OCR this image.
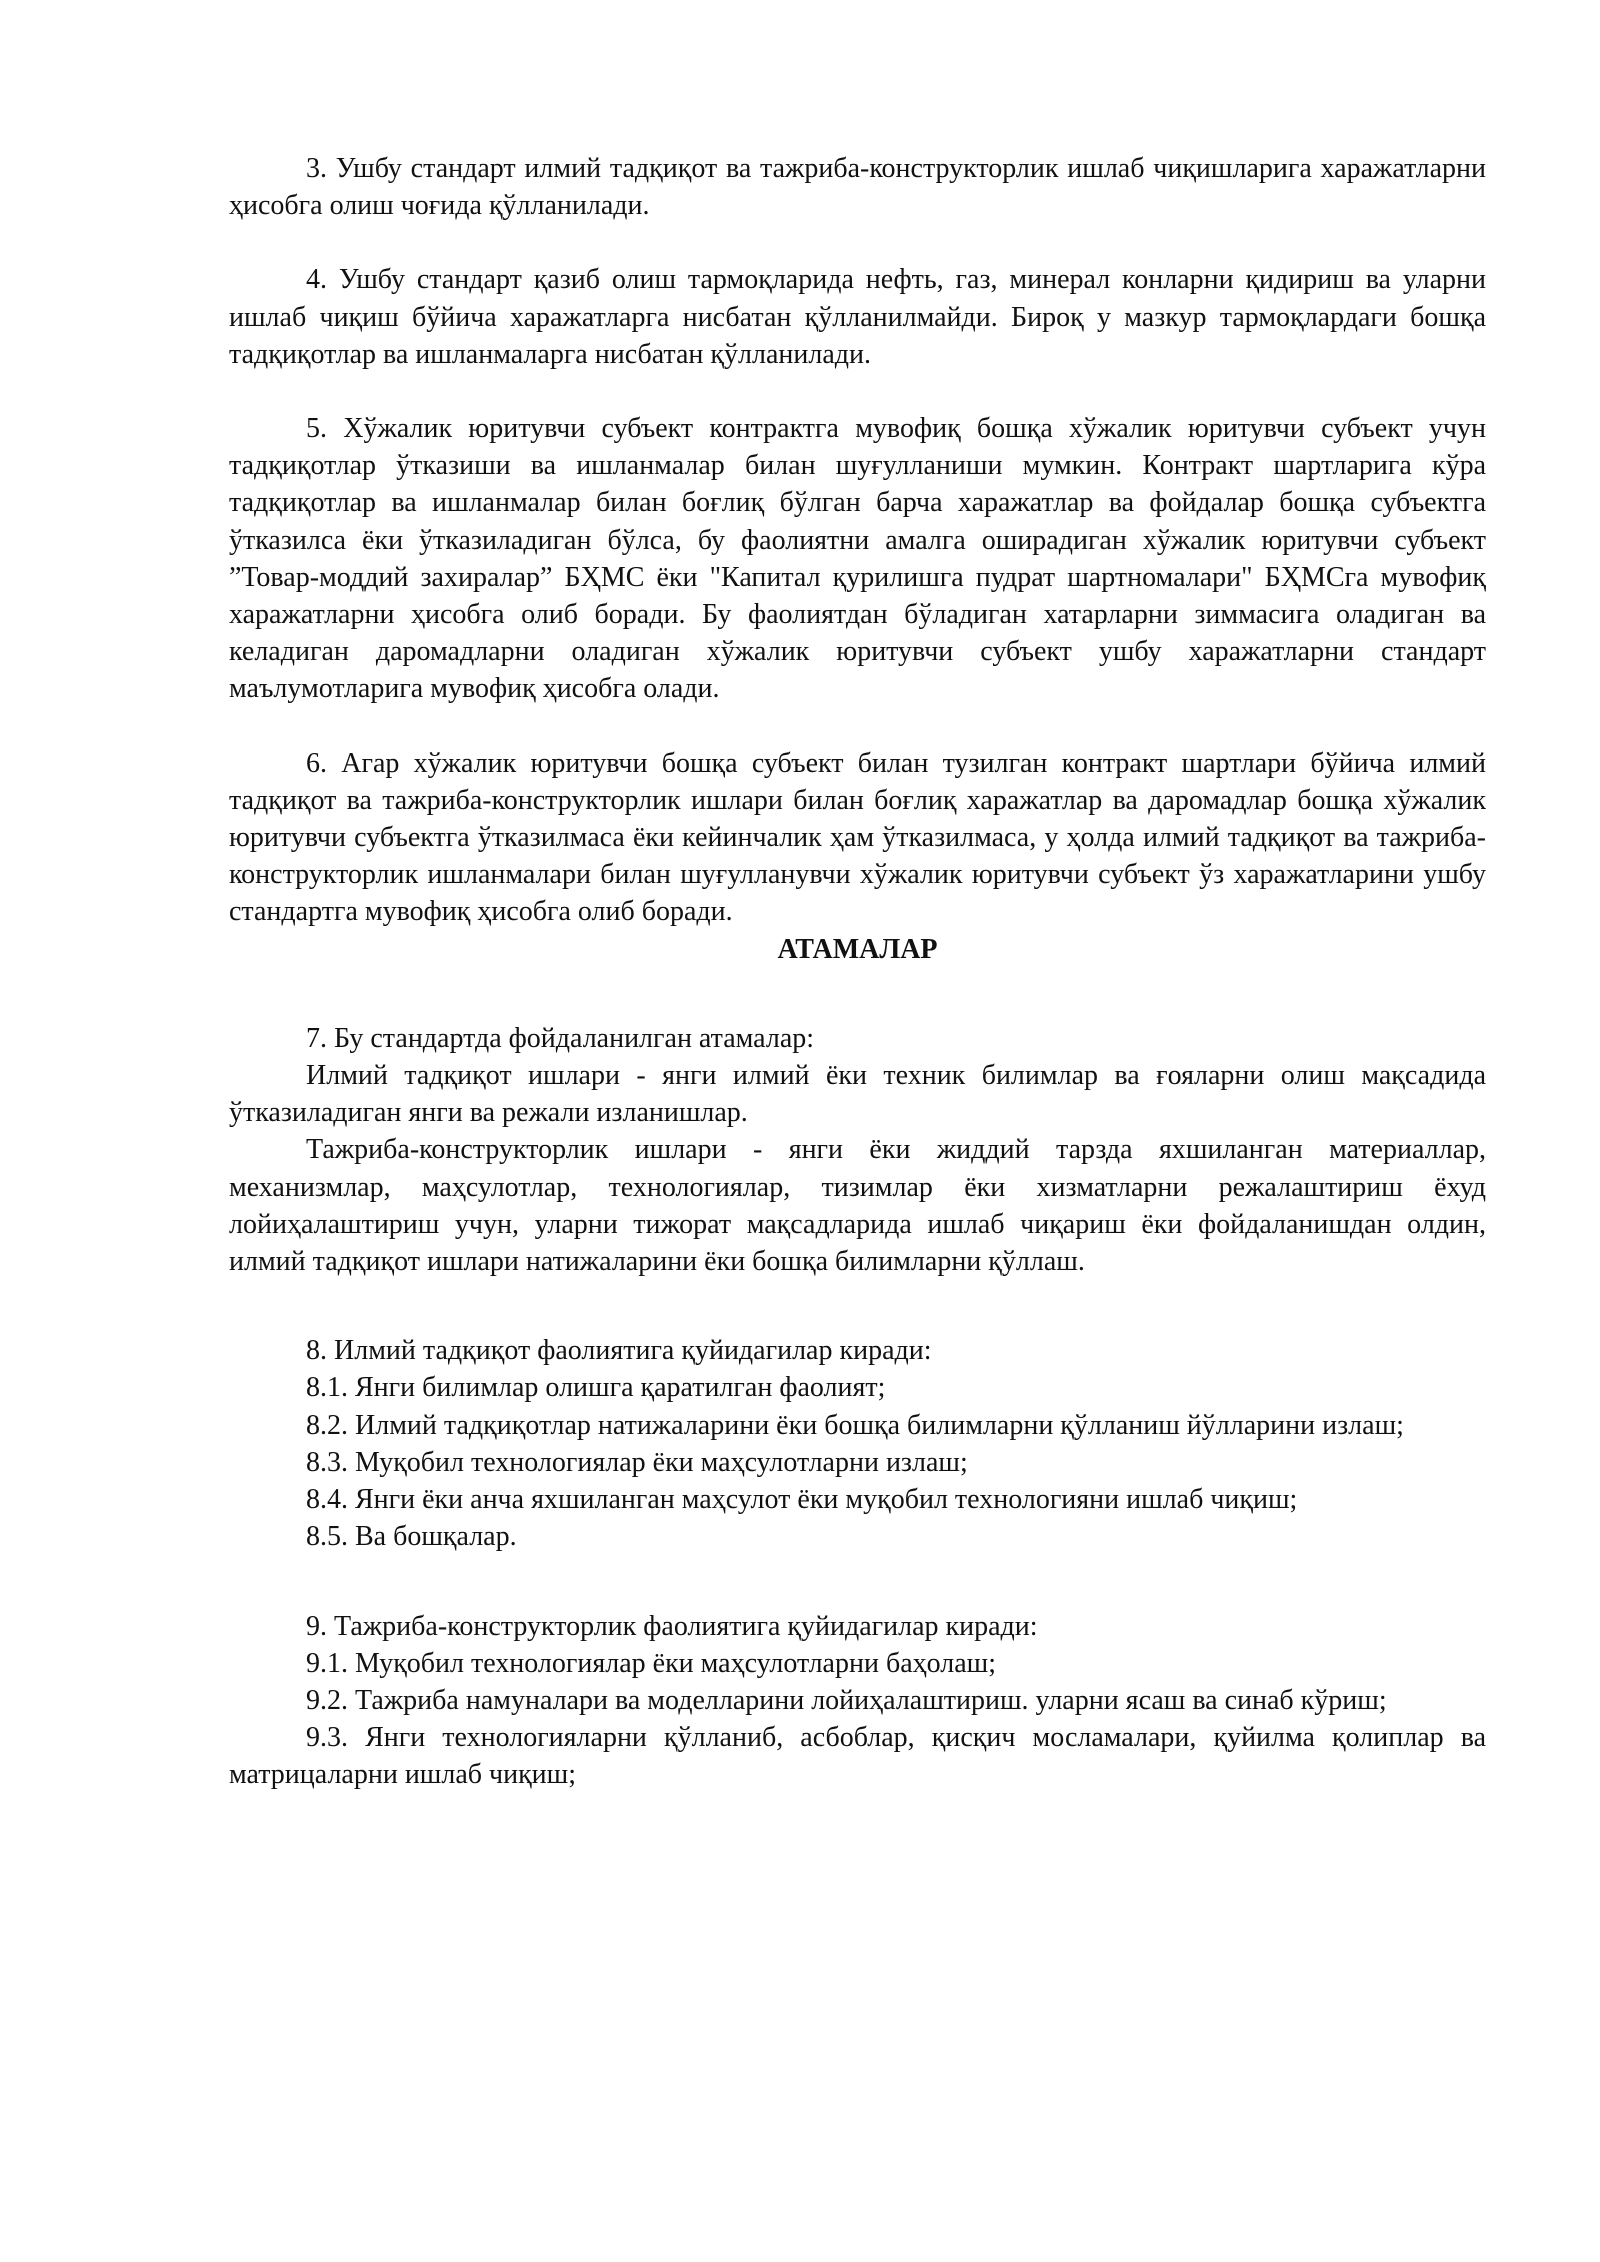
3. Ушбу стандарт илмий тадқиқот ва тажриба-конструкторлик ишлаб чиқишларига харажатларни ҳисобга олиш чоғида қўлланилади.

4. Ушбу стандарт қазиб олиш тармоқларида нефть, газ, минерал конларни қидириш ва уларни ишлаб чиқиш бўйича харажатларга нисбатан қўлланилмайди. Бироқ у мазкур тармоқлардаги бошқа тадқиқотлар ва ишланмаларга нисбатан қўлланилади.

5. Хўжалик юритувчи субъект контрактга мувофиқ бошқа хўжалик юритувчи субъект учун тадқиқотлар ўтказиши ва ишланмалар билан шуғулланиши мумкин. Контракт шартларига кўра тадқиқотлар ва ишланмалар билан боғлиқ бўлган барча харажатлар ва фойдалар бошқа субъектга ўтказилса ёки ўтказиладиган бўлса, бу фаолиятни амалга оширадиган хўжалик юритувчи субъект ”Товар-моддий захиралар” БҲМС ёки "Капитал қурилишга пудрат шартномалари" БҲМСга мувофиқ харажатларни ҳисобга олиб боради. Бу фаолиятдан бўладиган хатарларни зиммасига оладиган ва келадиган даромадларни оладиган хўжалик юритувчи субъект ушбу харажатларни стандарт маълумотларига мувофиқ ҳисобга олади.

6. Агар хўжалик юритувчи бошқа субъект билан тузилган контракт шартлари бўйича илмий тадқиқот ва тажриба-конструкторлик ишлари билан боғлиқ харажатлар ва даромадлар бошқа хўжалик юритувчи субъектга ўтказилмаса ёки кейинчалик ҳам ўтказилмаса, у ҳолда илмий тадқиқот ва тажриба-конструкторлик ишланмалари билан шуғулланувчи хўжалик юритувчи субъект ўз харажатларини ушбу стандартга мувофиқ ҳисобга олиб боради.

АТАМАЛАР

7. Бу стандартда фойдаланилган атамалар:

Илмий тадқиқот ишлари - янги илмий ёки техник билимлар ва ғояларни олиш мақсадида ўтказиладиган янги ва режали изланишлар.

Тажриба-конструкторлик ишлари - янги ёки жиддий тарзда яхшиланган материаллар, механизмлар, маҳсулотлар, технологиялар, тизимлар ёки хизматларни режалаштириш ёхуд лойиҳалаштириш учун, уларни тижорат мақсадларида ишлаб чиқариш ёки фойдаланишдан олдин, илмий тадқиқот ишлари натижаларини ёки бошқа билимларни қўллаш.

8. Илмий тадқиқот фаолиятига қуйидагилар киради:

8.1. Янги билимлар олишга қаратилган фаолият;

8.2. Илмий тадқиқотлар натижаларини ёки бошқа билимларни қўлланиш йўлларини излаш;

8.3. Муқобил технологиялар ёки маҳсулотларни излаш;

8.4. Янги ёки анча яхшиланган маҳсулот ёки муқобил технологияни ишлаб чиқиш;

8.5. Ва бошқалар.

9. Тажриба-конструкторлик фаолиятига қуйидагилар киради:

9.1. Муқобил технологиялар ёки маҳсулотларни баҳолаш;

9.2. Тажриба намуналари ва моделларини лойиҳалаштириш. уларни ясаш ва синаб кўриш;

9.3. Янги технологияларни қўлланиб, асбоблар, қисқич мосламалари, қуйилма қолиплар ва матрицаларни ишлаб чиқиш;
